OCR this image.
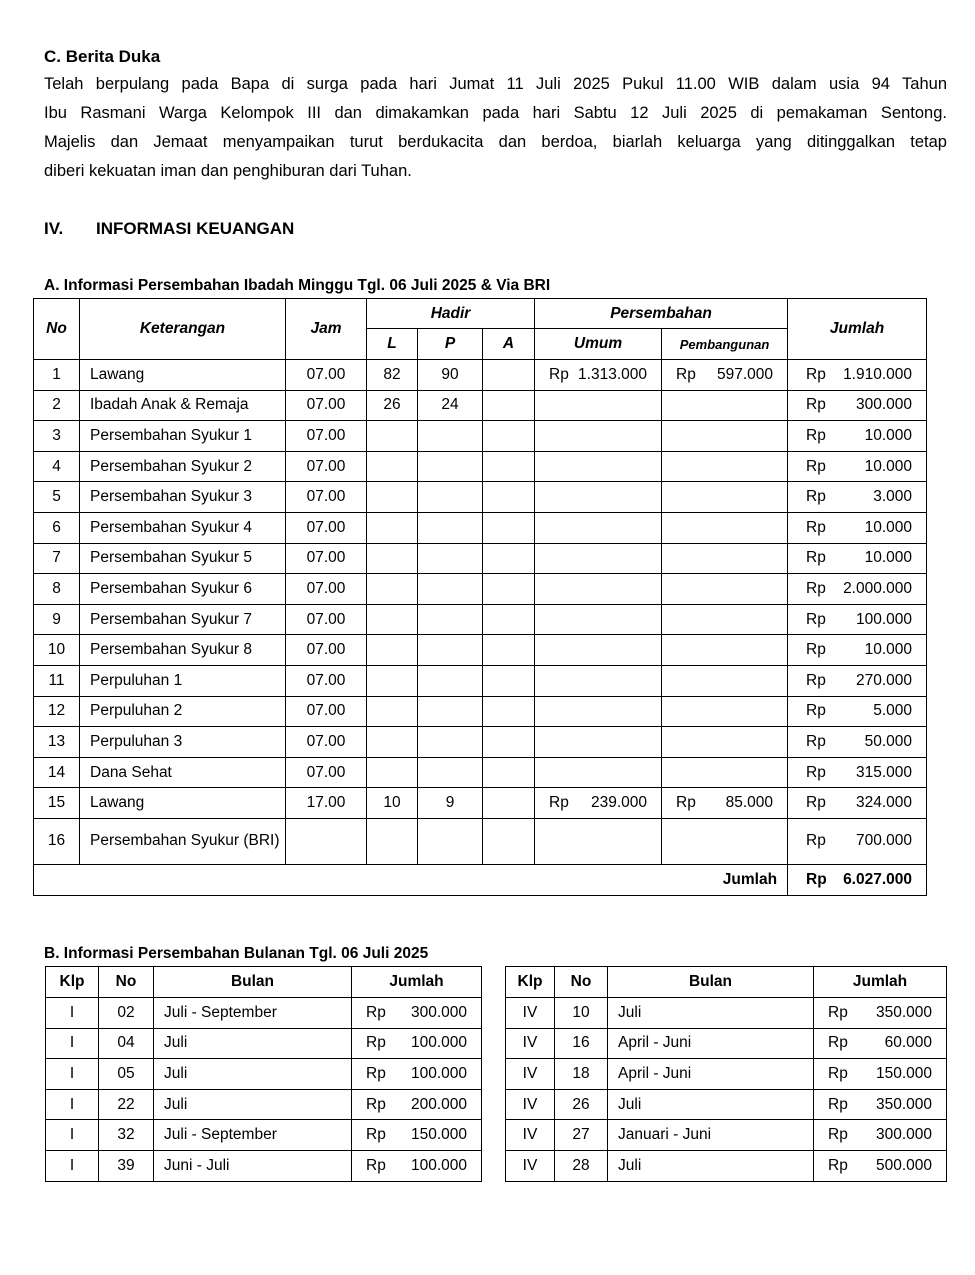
C. Berita Duka
Telah berpulang pada Bapa di surga pada hari Jumat 11 Juli 2025 Pukul 11.00 WIB dalam usia 94 Tahun
Ibu Rasmani Warga Kelompok III dan dimakamkan pada hari Sabtu 12 Juli 2025 di pemakaman Sentong.
Majelis dan Jemaat menyampaikan turut berdukacita dan berdoa, biarlah keluarga yang ditinggalkan tetap
diberi kekuatan iman dan penghiburan dari Tuhan.
IV. INFORMASI KEUANGAN
A. Informasi Persembahan Ibadah Minggu Tgl. 06 Juli 2025 & Via BRI
No	Keterangan	Jam	Hadir			Persembahan		Jumlah
			L	P	A	Umum	Pembangunan	
1	Lawang	07.00	82	90		Rp 1.313.000	Rp 597.000	Rp 1.910.000

2	Ibadah Anak & Remaja	07.00	26	24				Rp 300.000

3	Persembahan Syukur 1	07.00						Rp 10.000

4	Persembahan Syukur 2	07.00						Rp 10.000

5	Persembahan Syukur 3	07.00						Rp 3.000

6	Persembahan Syukur 4	07.00						Rp 10.000

7	Persembahan Syukur 5	07.00						Rp 10.000

8	Persembahan Syukur 6	07.00						Rp 2.000.000

9	Persembahan Syukur 7	07.00						Rp 100.000

10	Persembahan Syukur 8	07.00						Rp 10.000

11	Perpuluhan 1	07.00						Rp 270.000

12	Perpuluhan 2	07.00						Rp 5.000

13	Perpuluhan 3	07.00						Rp 50.000

14	Dana Sehat	07.00						Rp 315.000

15	Lawang	17.00	10	9		Rp 239.000	Rp 85.000	Rp 324.000

16	Persembahan Syukur (BRI)							Rp 700.000

Jumlah								Rp 6.027.000
B. Informasi Persembahan Bulanan Tgl. 06 Juli 2025
Klp	No	Bulan	Jumlah
I	02	Juli - September	Rp 300.000

I	04	Juli	Rp 100.000

I	05	Juli	Rp 100.000

I	22	Juli	Rp 200.000

I	32	Juli - September	Rp 150.000

I	39	Juni - Juli	Rp 100.000
Klp	No	Bulan	Jumlah
IV	10	Juli	Rp 350.000

IV	16	April - Juni	Rp 60.000

IV	18	April - Juni	Rp 150.000

IV	26	Juli	Rp 350.000

IV	27	Januari - Juni	Rp 300.000

IV	28	Juli	Rp 500.000
